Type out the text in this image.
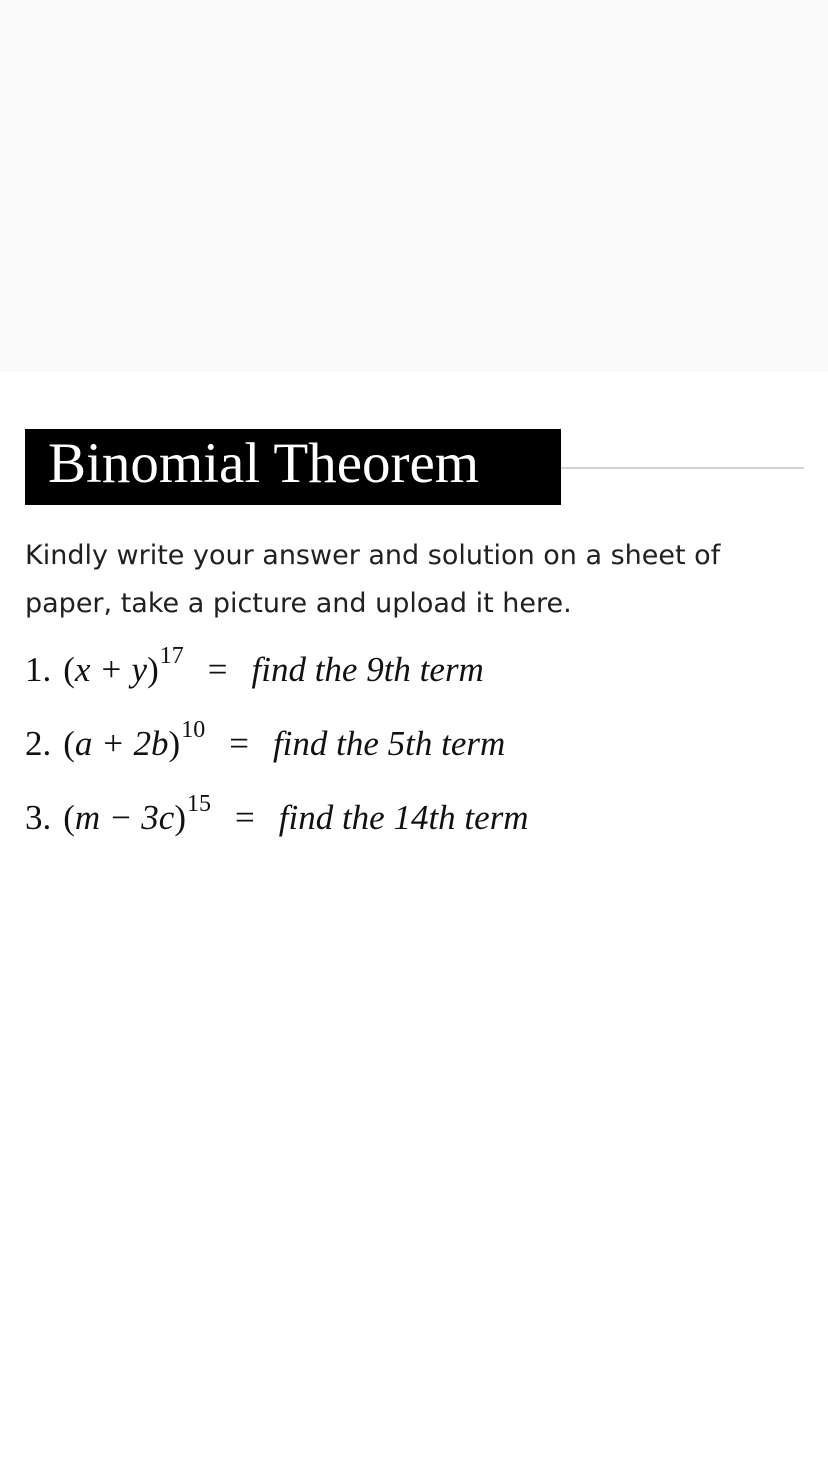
Binomial Theorem

Kindly write your answer and solution on a sheet of paper, take a picture and upload it here.

1. $(x + y)^{17}$ = find the 9th term
2. $(a + 2b)^{10}$ = find the 5th term
3. $(m - 3c)^{15}$ = find the 14th term
